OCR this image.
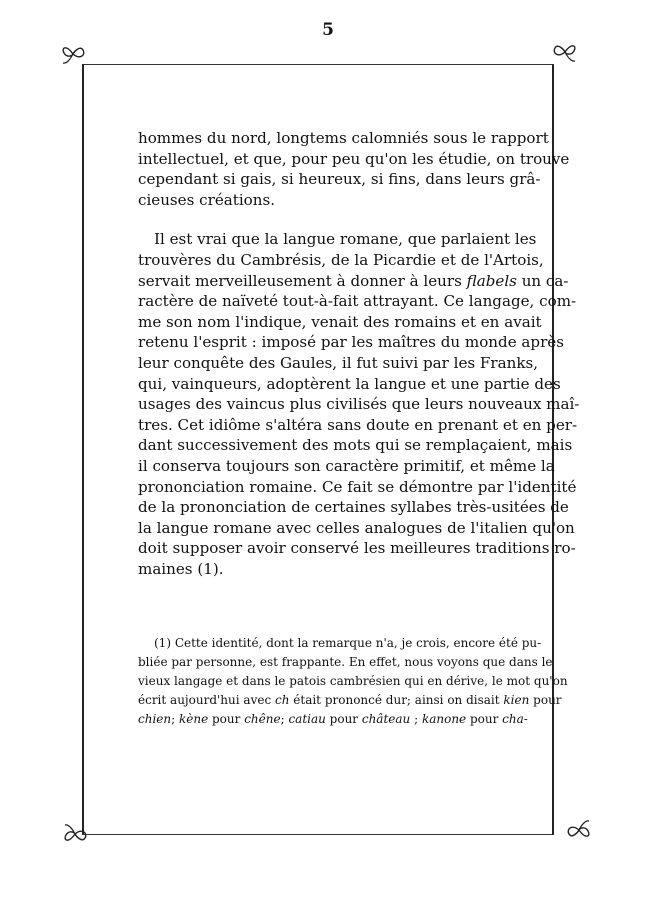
5
hommes du nord, longtems calomniés sous le rapport
intellectuel, et que, pour peu qu'on les étudie, on trouve
cependant si gais, si heureux, si fins, dans leurs grâ-
cieuses créations.
Il est vrai que la langue romane, que parlaient les
trouvères du Cambrésis, de la Picardie et de l'Artois,
servait merveilleusement à donner à leurs flabels un ca-
ractère de naïveté tout-à-fait attrayant. Ce langage, com-
me son nom l'indique, venait des romains et en avait
retenu l'esprit : imposé par les maîtres du monde après
leur conquête des Gaules, il fut suivi par les Franks,
qui, vainqueurs, adoptèrent la langue et une partie des
usages des vaincus plus civilisés que leurs nouveaux maî-
tres. Cet idiôme s'altéra sans doute en prenant et en per-
dant successivement des mots qui se remplaçaient, mais
il conserva toujours son caractère primitif, et même la
prononciation romaine. Ce fait se démontre par l'identité
de la prononciation de certaines syllabes très-usitées de
la langue romane avec celles analogues de l'italien qu'on
doit supposer avoir conservé les meilleures traditions ro-
maines (1).
(1) Cette identité, dont la remarque n'a, je crois, encore été pu-
bliée par personne, est frappante. En effet, nous voyons que dans le
vieux langage et dans le patois cambrésien qui en dérive, le mot qu'on
écrit aujourd'hui avec ch était prononcé dur; ainsi on disait kien pour
chien; kène pour chêne; catiau pour château ; kanone pour cha-
